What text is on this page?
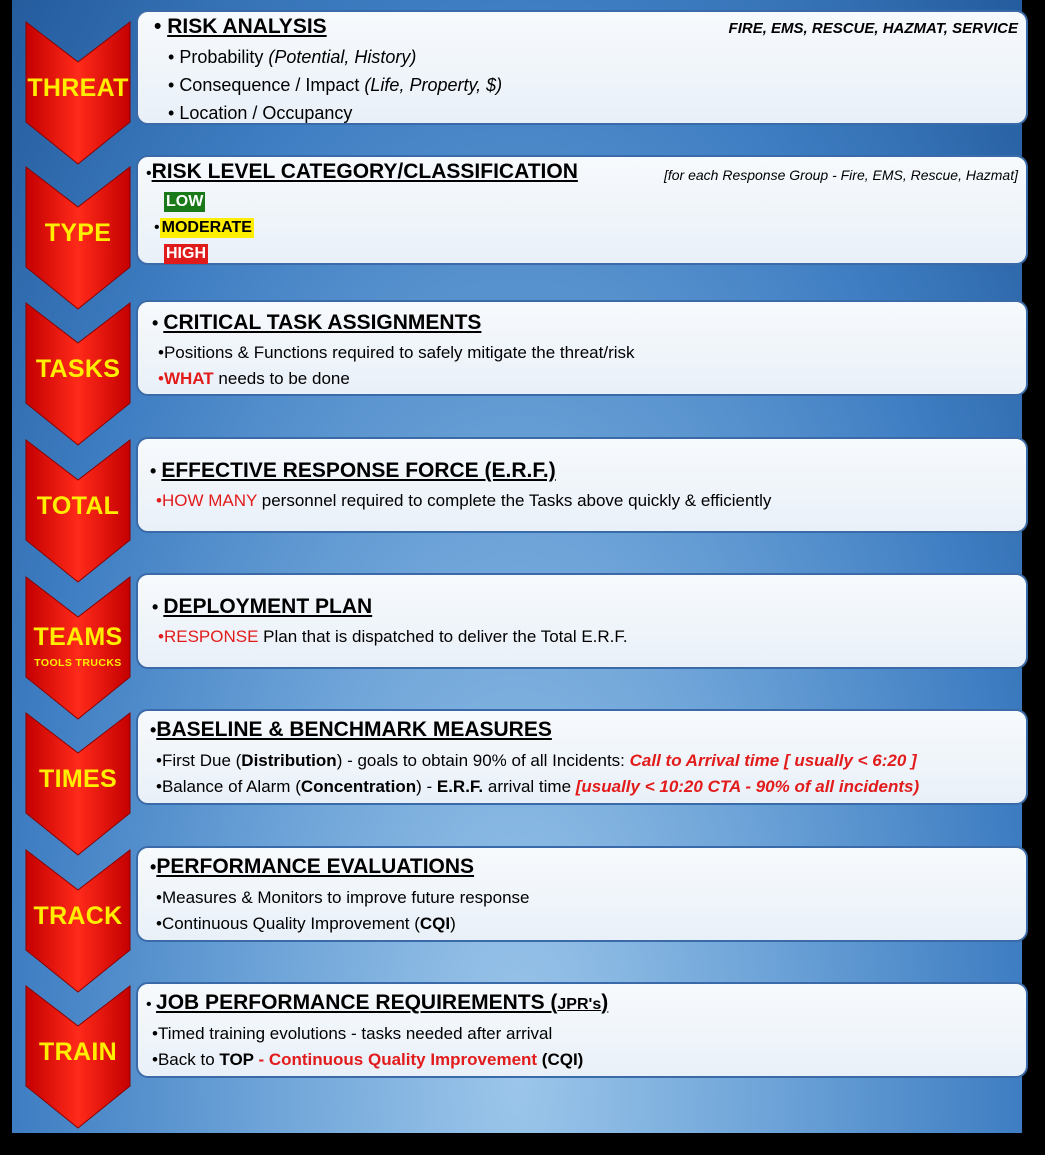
THREAT
TYPE
TASKS
TOTAL
TEAMS
TOOLS TRUCKS
TIMES
TRACK
TRAIN
• RISK ANALYSIS	FIRE, EMS, RESCUE, HAZMAT, SERVICE
• Probability (Potential, History)
• Consequence / Impact (Life, Property, $)
• Location / Occupancy
•RISK LEVEL CATEGORY/CLASSIFICATION	[for each Response Group - Fire, EMS, Rescue, Hazmat]
LOW
• MODERATE
HIGH
• CRITICAL TASK ASSIGNMENTS
•Positions & Functions required to safely mitigate the threat/risk
•WHAT needs to be done
• EFFECTIVE RESPONSE FORCE (E.R.F.)
•HOW MANY personnel required to complete the Tasks above quickly & efficiently
• DEPLOYMENT PLAN
•RESPONSE Plan that is dispatched to deliver the Total E.R.F.
•BASELINE & BENCHMARK MEASURES
•First Due (Distribution) - goals to obtain 90% of all Incidents: Call to Arrival time [ usually < 6:20 ]
•Balance of Alarm (Concentration) - E.R.F. arrival time [usually < 10:20 CTA - 90% of all incidents)
•PERFORMANCE EVALUATIONS
•Measures & Monitors to improve future response
•Continuous Quality Improvement (CQI)
• JOB PERFORMANCE REQUIREMENTS (JPR's)
•Timed training evolutions - tasks needed after arrival
•Back to TOP - Continuous Quality Improvement (CQI)
